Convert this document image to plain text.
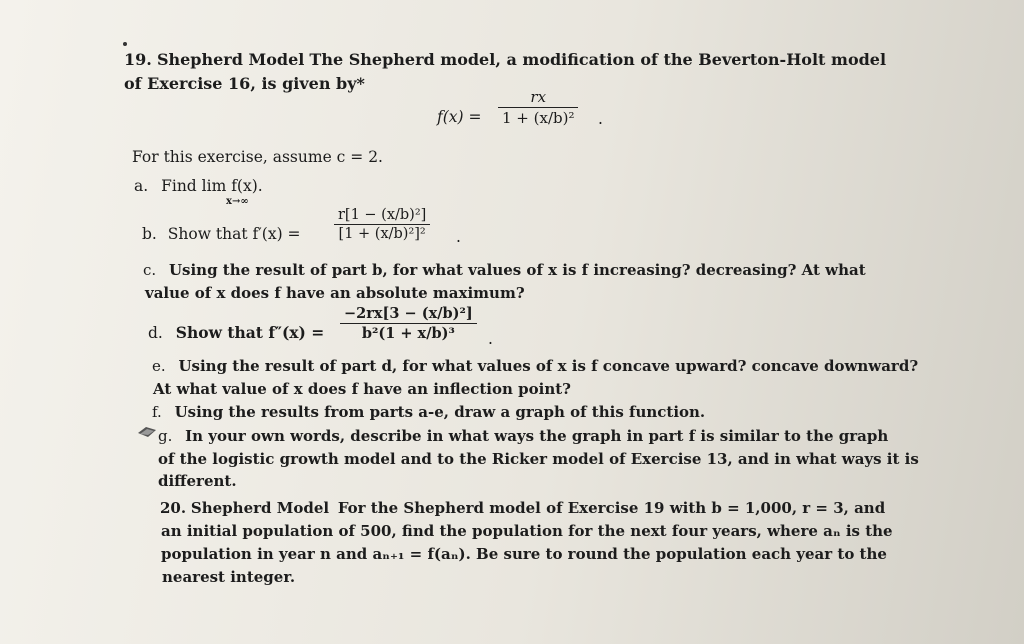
19. Shepherd Model The Shepherd model, a modification of the Beverton-Holt model
of Exercise 16, is given by*
f(x) =
rx
1 + (x/b)² .
For this exercise, assume c = 2.
a. Find lim f(x).
x→∞
b. Show that f′(x) =
r[1 − (x/b)²]
[1 + (x/b)²]² .
c. Using the result of part b, for what values of x is f increasing? decreasing? At what
value of x does f have an absolute maximum?
d. Show that f″(x) =
−2rx[3 − (x/b)²]
b²(1 + x/b)³	.
e. Using the result of part d, for what values of x is f concave upward? concave downward?
At what value of x does f have an inflection point?
f. Using the results from parts a-e, draw a graph of this function.
g. In your own words, describe in what ways the graph in part f is similar to the graph
of the logistic growth model and to the Ricker model of Exercise 13, and in what ways it is
different.
20. Shepherd Model For the Shepherd model of Exercise 19 with b = 1,000, r = 3, and
an initial population of 500, find the population for the next four years, where aₙ is the
population in year n and aₙ₊₁ = f(aₙ). Be sure to round the population each year to the
nearest integer.
